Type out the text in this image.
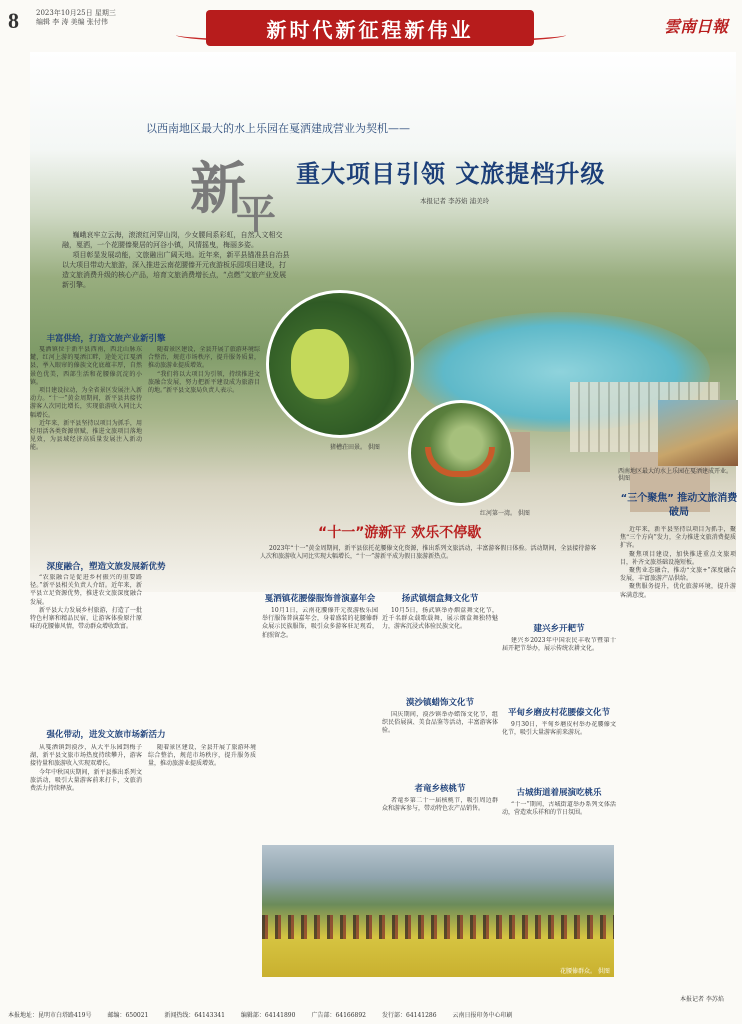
8 2023年10月25日 星期三
编辑 李 涛 美编 张付伟	新时代新征程新伟业	雲南日報
以西南地区最大的水上乐园在戛洒建成营业为契机——
新
平
重大项目引领 文旅提档升级
本报记者 李苏焰 浦美玲

巍峨哀牢立云海，滚滚红河穿山岗，少女腰间系彩虹，自然人文相交融，戛洒，一个花腰傣聚居的河谷小镇，风情摇曳，梅丽多姿。

项目彰显发展动能，文旅融出广阔天地。近年来，新平县锚准县自治县以大项目带动大旅游，深入推进云南花腰傣开元夜游板乐园项目建设，打造文旅消费升级的核心产品，培育文旅消费增长点，“点燃”文旅产业发展新引擎。

猪槽荘田景。 供图
红河第一湾。 供图
西南地区最大的水上乐园在戛洒建成开业。 供图
丰富供给，打造文旅产业新引擎

戛洒镇位于新平县西南，西北山脉东麓，红河上游的戛洒江畔，途处元江戛洒县，挙入眼帘的傣族文化底蕴丰厚，自然景色优美，西部生活和花腰傣沉淀的小镇。

项目建设拉动，为全省景区发展注入新动力。“十一”黄金周期间，新平县共接待游客人次同比增长，实现旅游收入同比大幅增长。

近年来，新平县坚持以项目为抓手，用好用活各类资源禀赋，推进文旅项目落地见效，为县域经济高质量发展注入新动能。

随着景区建设，全县开展了旅游环境综合整治，规范市场秩序，提升服务质量，推动旅游业提质增效。

“我们将以大项目为引领，持续推进文旅融合发展，努力把新平建设成为旅游目的地。”新平县文旅局负责人表示。

深度融合，塑造文旅发展新优势

“农旅融合是促进乡村振兴的重要路径。”新平县相关负责人介绍。近年来，新平县立足资源优势，推进农文旅深度融合发展。

新平县大力发展乡村旅游，打造了一批特色村寨和精品民宿，让游客体验原汁原味的花腰傣风情，带动群众增收致富。

强化带动，进发文旅市场新活力

从戛洒镇到漠沙，从大平乐园到梅子湖，新平县文旅市场热度持续攀升，游客接待量和旅游收入实现双增长。

今年中秋国庆期间，新平县推出系列文旅活动，吸引大量游客前来打卡，文旅消费活力持续释放。

随着景区建设，全县开展了旅游环境综合整治，规范市场秩序，提升服务质量，推动旅游业提质增效。

“十一”游新平 欢乐不停歇

2023年“十一”黄金周期间，新平县依托花腰傣文化资源，推出系列文旅活动，丰富游客假日体验。活动期间，全县接待游客人次和旅游收入同比实现大幅增长，“十一”游新平成为假日旅游新热点。

戛洒镇花腰傣服饰普演嘉年会

10月1日，云南花腰傣开元夜游板乐园举行服饰普演嘉年会，身着盛装的花腰傣群众展示民族服饰，吸引众多游客驻足观看，拍照留念。

扬武镇烟盒舞文化节

10月5日，扬武镇举办烟盒舞文化节，近千名群众载歌载舞，展示烟盒舞独特魅力，游客沉浸式体验民族文化。

漠沙镇蜡饰文化节

国庆期间，漠沙镇举办蜡饰文化节，组织民俗展演、美食品鉴等活动，丰富游客体验。

者竜乡核桃节

者竜乡第二十一届核桃节，吸引周边群众和游客参与，带动特色农产品销售。

建兴乡开耙节

建兴乡2023年中国农民丰收节暨第十届开耙节举办，展示传统农耕文化。

平甸乡磨皮村花腰傣文化节

9月30日，平甸乡磨皮村举办花腰傣文化节，吸引大量游客前来游玩。

古城街道着展演吃桃乐

“十一”期间，古城街道举办系列文体活动，营造欢乐祥和的节日氛围。

花腰傣群众。 供图
“三个聚焦” 推动文旅消费破局

近年来，新平县坚持以项目为抓手，聚焦“三个方向”发力，全力推进文旅消费提质扩容。

聚焦项目建设，加快推进重点文旅项目，补齐文旅基础设施短板。

聚焦业态融合，推动“文旅+”深度融合发展，丰富旅游产品供给。

聚焦服务提升，优化旅游环境，提升游客满意度。

本报记者 李苏焰
本报地址：昆明市白塔路419号	邮编：650021	新闻热线：64143341	编辑部：64141890	广告部：64166892	发行部：64141286	云南日报印务中心印刷
